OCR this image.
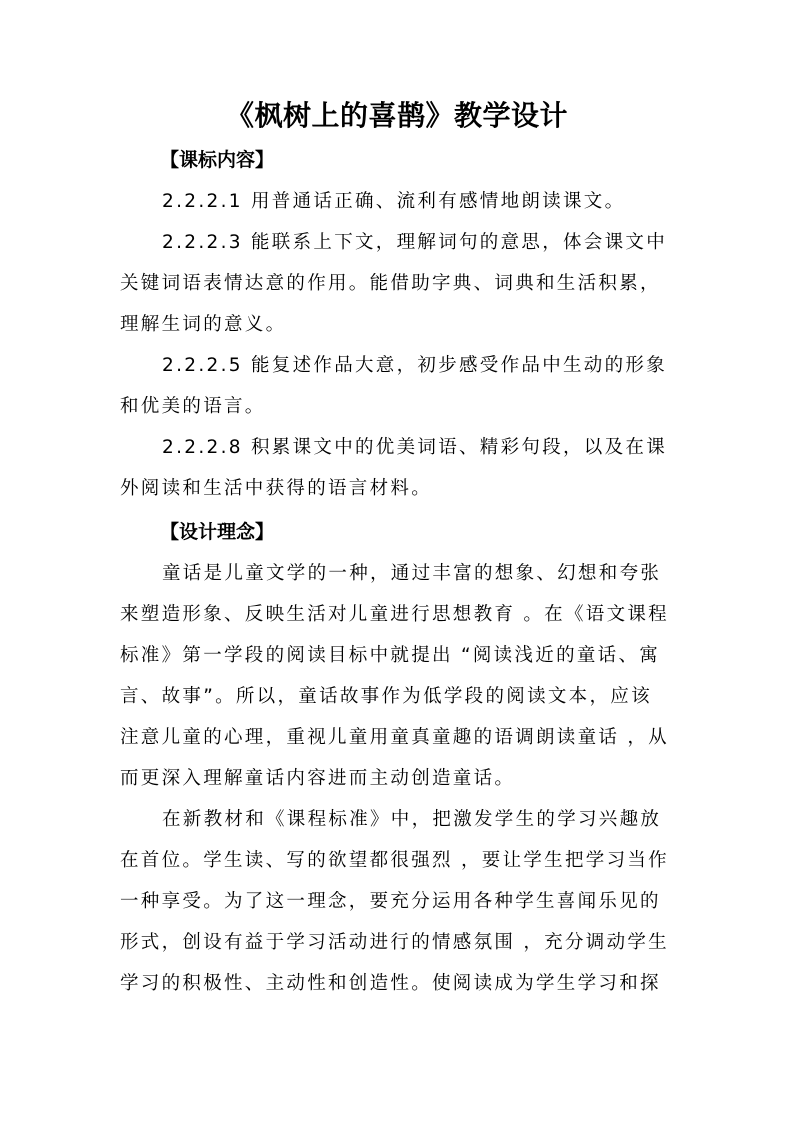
《枫树上的喜鹊》教学设计
【课标内容】
2.2.2.1 用普通话正确、流利有感情地朗读课文。
2.2.2.3 能联系上下文，理解词句的意思，体会课文中
关键词语表情达意的作用。能借助字典、词典和生活积累，
理解生词的意义。
2.2.2.5 能复述作品大意，初步感受作品中生动的形象
和优美的语言。
2.2.2.8 积累课文中的优美词语、精彩句段，以及在课
外阅读和生活中获得的语言材料。
【设计理念】
童话是儿童文学的一种，通过丰富的想象、幻想和夸张
来塑造形象、反映生活对儿童进行思想教育 。在《语文课程
标准》第一学段的阅读目标中就提出 “阅读浅近的童话、寓
言、故事”。所以，童话故事作为低学段的阅读文本，应该
注意儿童的心理，重视儿童用童真童趣的语调朗读童话 ，从
而更深入理解童话内容进而主动创造童话。
在新教材和《课程标准》中，把激发学生的学习兴趣放
在首位。学生读、写的欲望都很强烈 ，要让学生把学习当作
一种享受。为了这一理念，要充分运用各种学生喜闻乐见的
形式，创设有益于学习活动进行的情感氛围 ，充分调动学生
学习的积极性、主动性和创造性。使阅读成为学生学习和探
